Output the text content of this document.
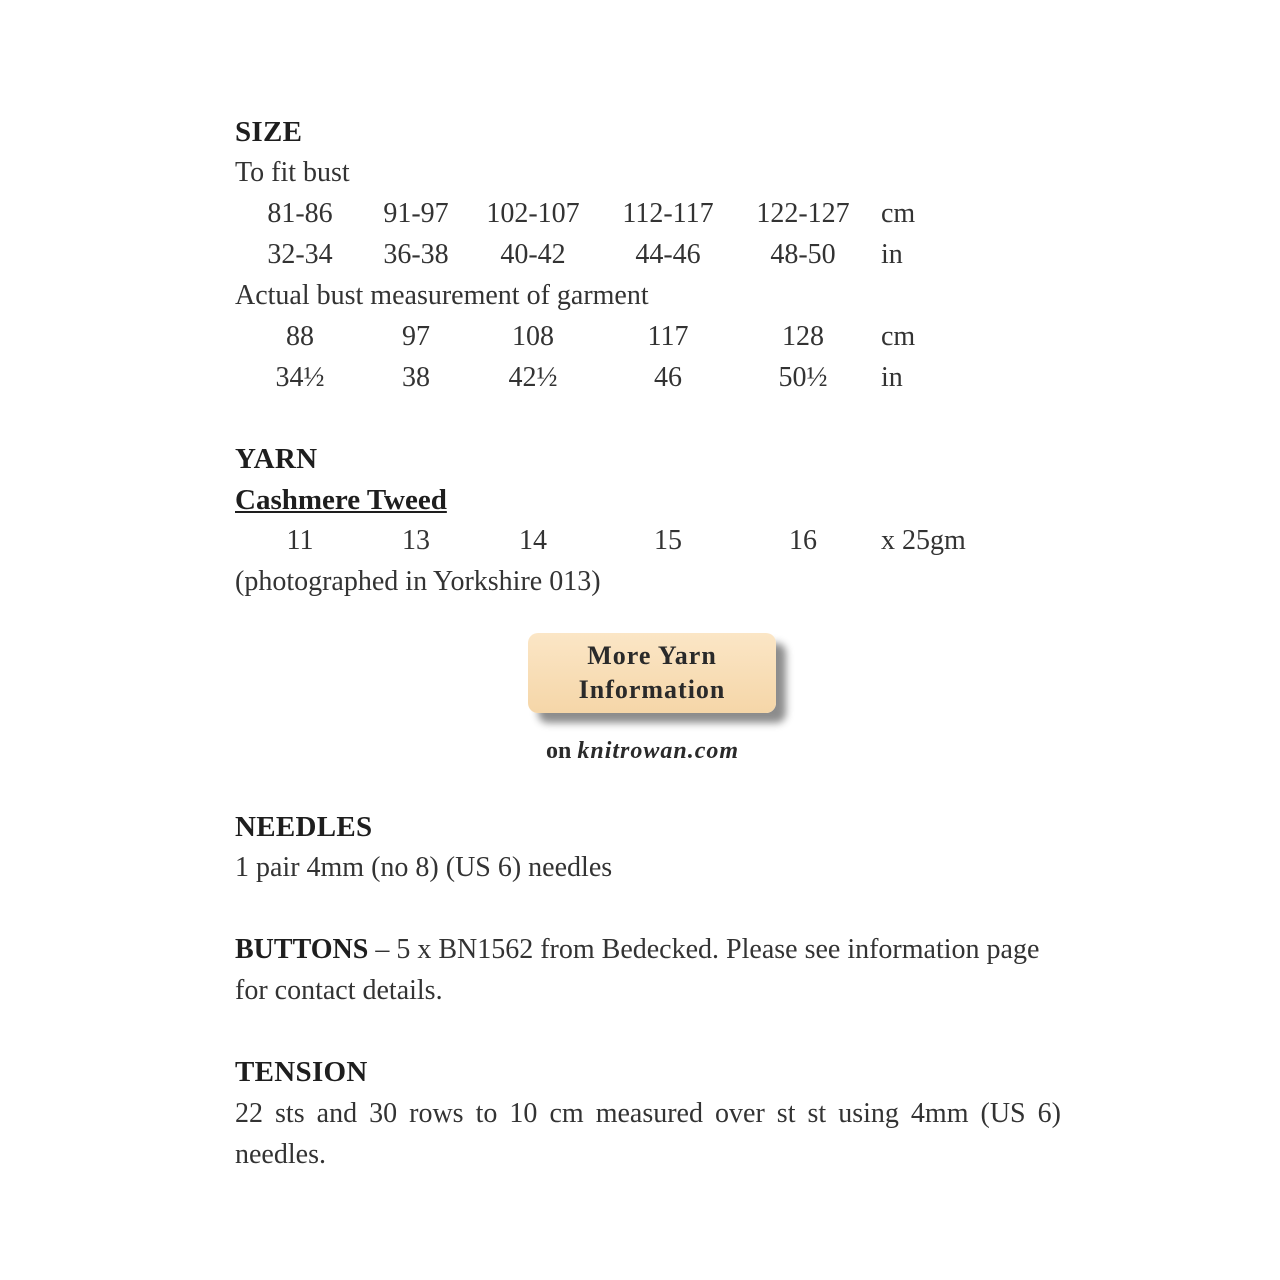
SIZE
To fit bust
81-86 91-97 102-107 112-117 122-127 cm
32-34 36-38 40-42 44-46 48-50 in
Actual bust measurement of garment
88	97	108	117	128 cm
34½	38	42½	46	50½ in
YARN
Cashmere Tweed
11	13	14	15	16 x 25gm
(photographed in Yorkshire 013)
More Yarn Information
on knitrowan.com
NEEDLES
1 pair 4mm (no 8) (US 6) needles
BUTTONS – 5 x BN1562 from Bedecked. Please see information page for contact details.
TENSION
22 sts and 30 rows to 10 cm measured over st st using 4mm (US 6) needles.
